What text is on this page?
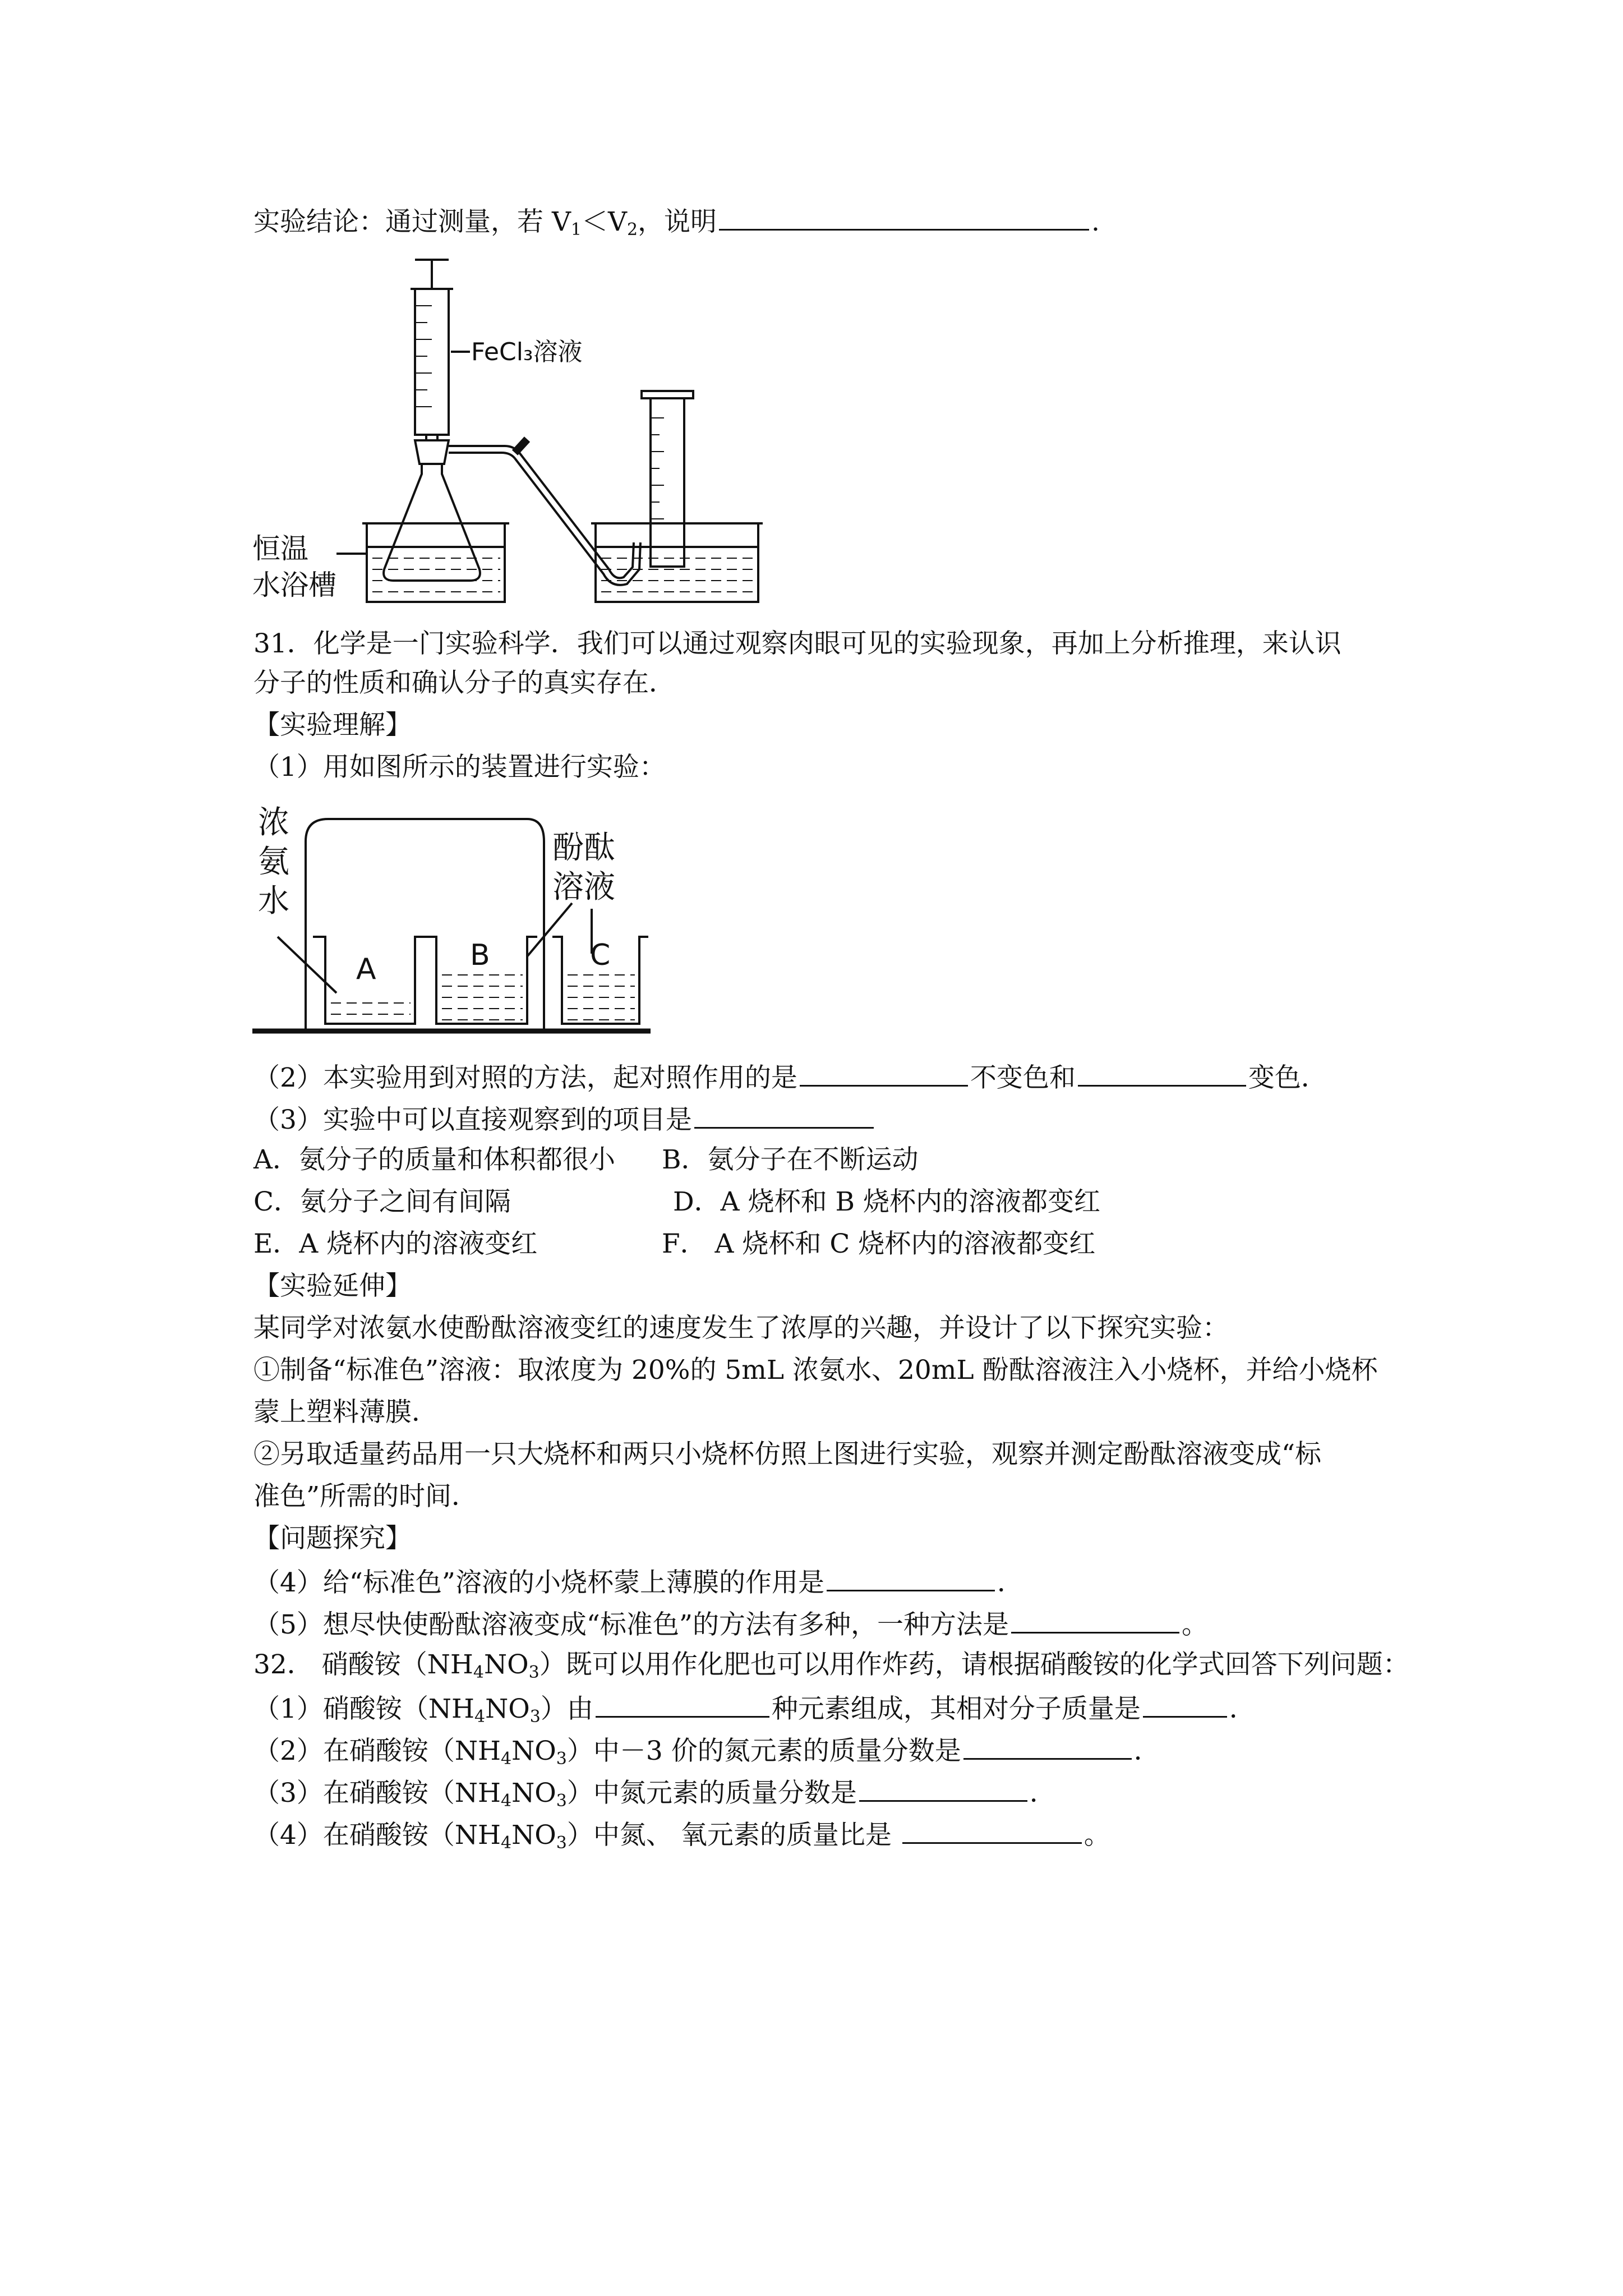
实验结论：通过测量，若 $V_1<V_2$，说明	.
FeCl₃溶液
恒温
水浴槽
31．化学是一门实验科学．我们可以通过观察肉眼可见的实验现象，再加上分析推理，来认识
分子的性质和确认分子的真实存在．
【实验理解】
（1）用如图所示的装置进行实验：
浓
氨
水
酚酞
溶液
A	B	C
（2）本实验用到对照的方法，起对照作用的是	不变色和	变色．
（3）实验中可以直接观察到的项目是
A．氨分子的质量和体积都很小 B．氨分子在不断运动
C．氨分子之间有间隔	D．A 烧杯和 B 烧杯内的溶液都变红
E．A 烧杯内的溶液变红	F． A 烧杯和 C 烧杯内的溶液都变红
【实验延伸】
某同学对浓氨水使酚酞溶液变红的速度发生了浓厚的兴趣，并设计了以下探究实验：
①制备“标准色”溶液：取浓度为 20%的 5mL 浓氨水、20mL 酚酞溶液注入小烧杯，并给小烧杯
蒙上塑料薄膜．
②另取适量药品用一只大烧杯和两只小烧杯仿照上图进行实验，观察并测定酚酞溶液变成“标
准色”所需的时间．
【问题探究】
（4）给“标准色”溶液的小烧杯蒙上薄膜的作用是	．
（5）想尽快使酚酞溶液变成“标准色”的方法有多种，一种方法是	。
32． 硝酸铵$(NH_4NO_3)$既可以用作化肥也可以用作炸药，请根据硝酸铵的化学式回答下列问题：
（1）硝酸铵$(NH_4NO_3)$由	种元素组成，其相对分子质量是	．
（2）在硝酸铵$(NH_4NO_3)$中－3 价的氮元素的质量分数是	．
（3）在硝酸铵$(NH_4NO_3)$中氮元素的质量分数是	．
（4）在硝酸铵$(NH_4NO_3)$中氮、 氧元素的质量比是	。
